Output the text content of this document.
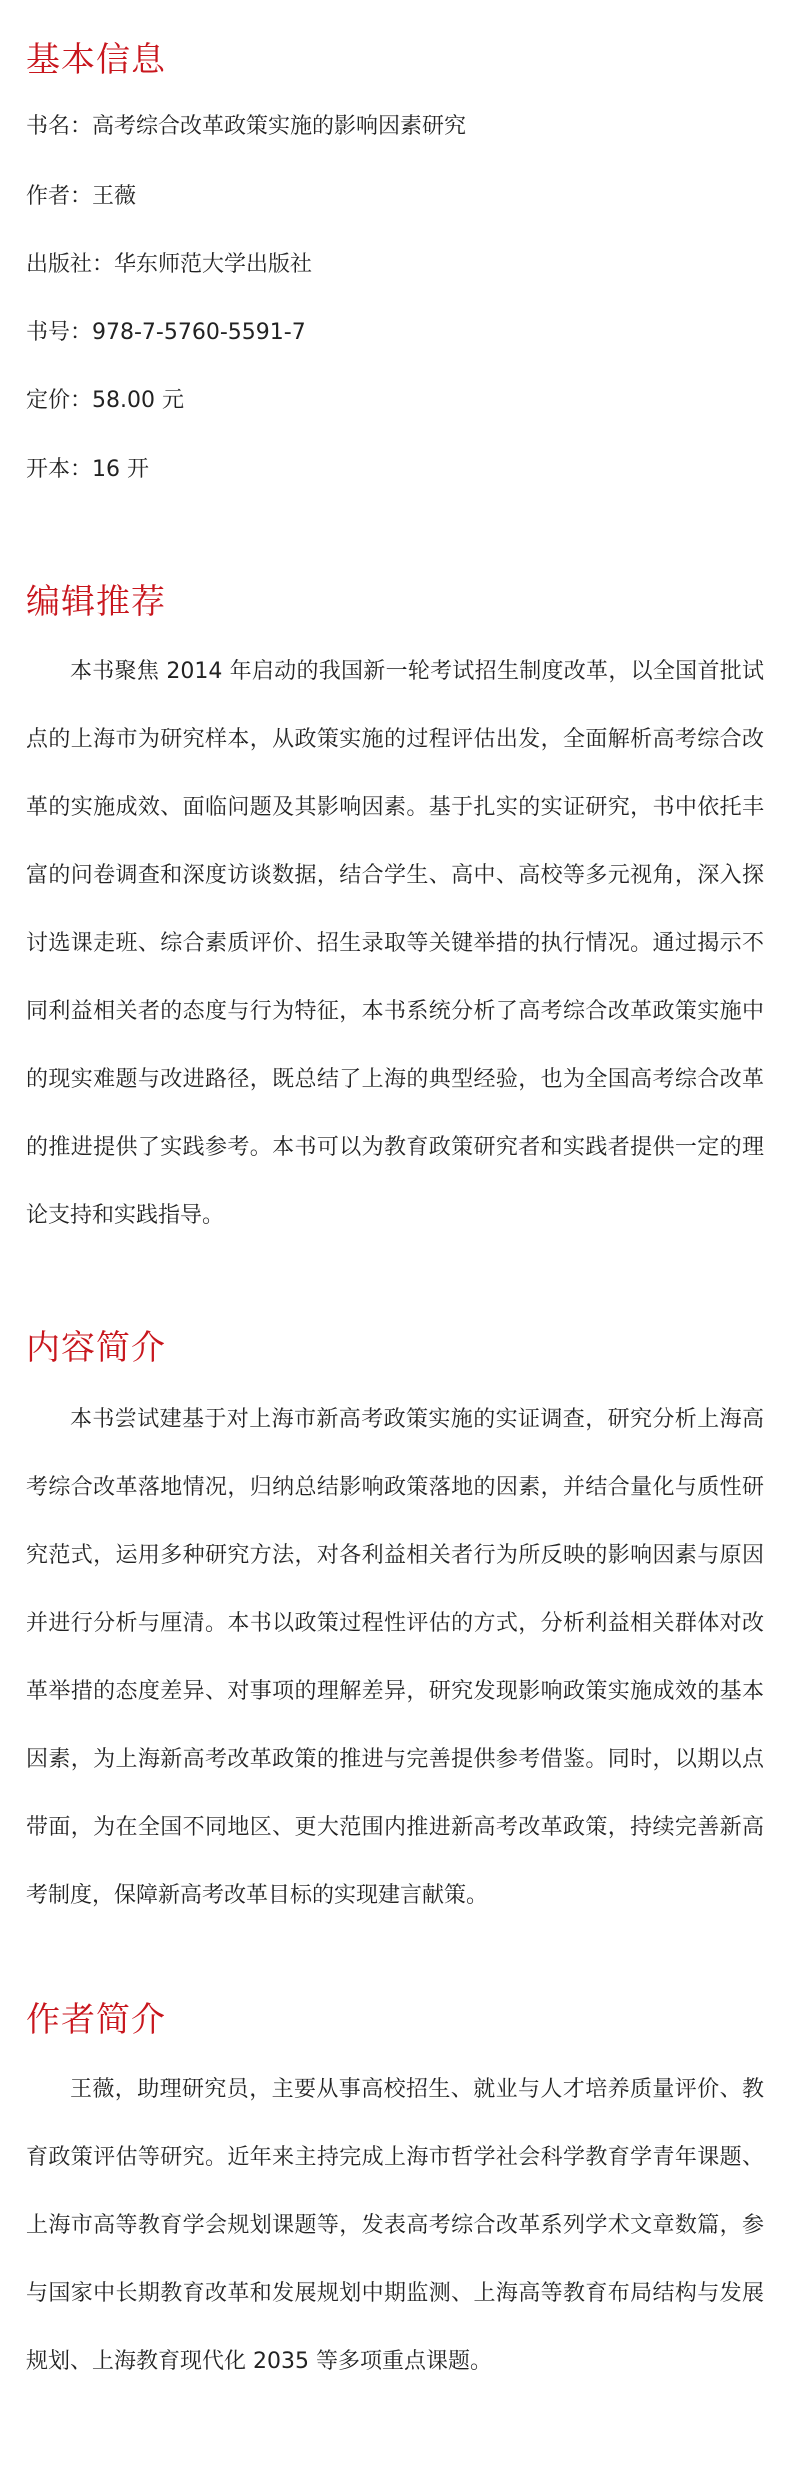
基本信息

书名：高考综合改革政策实施的影响因素研究

作者：王薇

出版社：华东师范大学出版社

书号：978-7-5760-5591-7

定价：58.00 元

开本：16 开

编辑推荐

本书聚焦 2014 年启动的我国新一轮考试招生制度改革，以全国首批试点的上海市为研究样本，从政策实施的过程评估出发，全面解析高考综合改革的实施成效、面临问题及其影响因素。基于扎实的实证研究，书中依托丰富的问卷调查和深度访谈数据，结合学生、高中、高校等多元视角，深入探讨选课走班、综合素质评价、招生录取等关键举措的执行情况。通过揭示不同利益相关者的态度与行为特征，本书系统分析了高考综合改革政策实施中的现实难题与改进路径，既总结了上海的典型经验，也为全国高考综合改革的推进提供了实践参考。本书可以为教育政策研究者和实践者提供一定的理论支持和实践指导。

内容简介

本书尝试建基于对上海市新高考政策实施的实证调查，研究分析上海高考综合改革落地情况，归纳总结影响政策落地的因素，并结合量化与质性研究范式，运用多种研究方法，对各利益相关者行为所反映的影响因素与原因并进行分析与厘清。本书以政策过程性评估的方式，分析利益相关群体对改革举措的态度差异、对事项的理解差异，研究发现影响政策实施成效的基本因素，为上海新高考改革政策的推进与完善提供参考借鉴。同时，以期以点带面，为在全国不同地区、更大范围内推进新高考改革政策，持续完善新高考制度，保障新高考改革目标的实现建言献策。

作者简介

王薇，助理研究员，主要从事高校招生、就业与人才培养质量评价、教育政策评估等研究。近年来主持完成上海市哲学社会科学教育学青年课题、上海市高等教育学会规划课题等，发表高考综合改革系列学术文章数篇，参与国家中长期教育改革和发展规划中期监测、上海高等教育布局结构与发展规划、上海教育现代化 2035 等多项重点课题。
